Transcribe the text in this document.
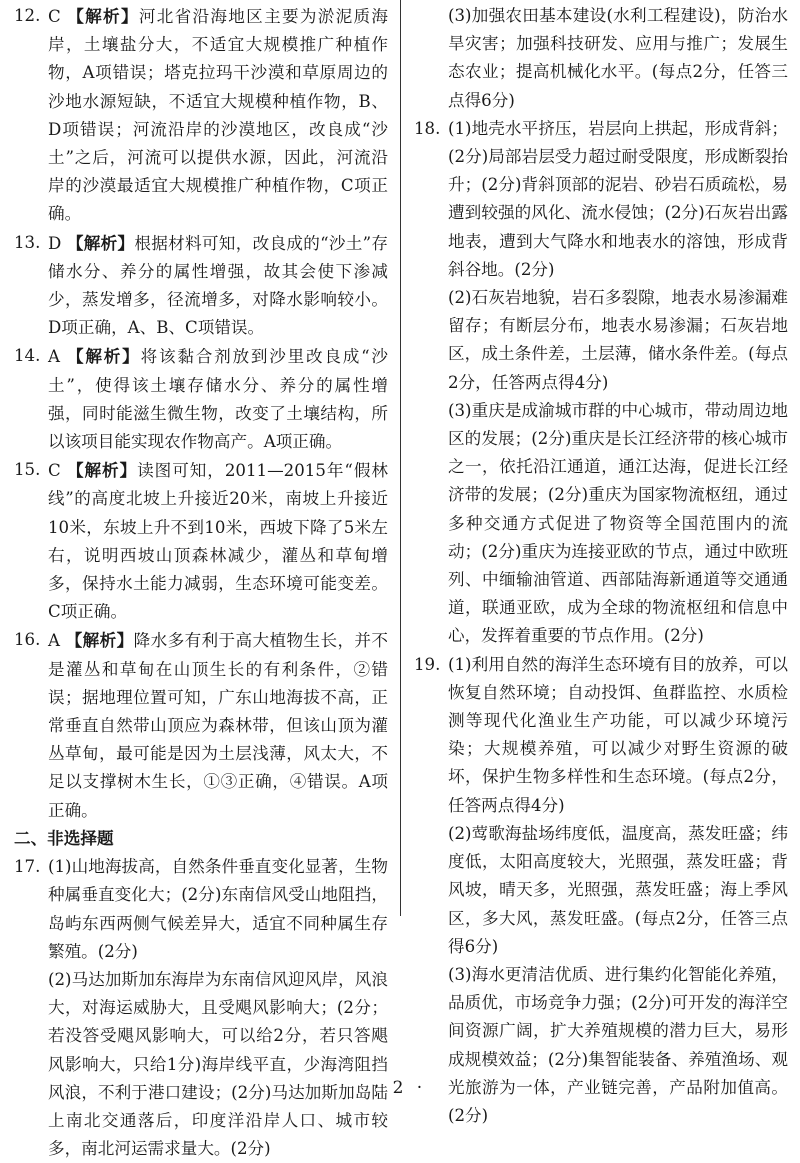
12. C 【解析】河北省沿海地区主要为淤泥质海岸，土壤盐分大，不适宜大规模推广种植作物，A项错误；塔克拉玛干沙漠和草原周边的沙地水源短缺，不适宜大规模种植作物，B、D项错误；河流沿岸的沙漠地区，改良成“沙土”之后，河流可以提供水源，因此，河流沿岸的沙漠最适宜大规模推广种植作物，C项正确。
13. D 【解析】根据材料可知，改良成的“沙土”存储水分、养分的属性增强，故其会使下渗减少，蒸发增多，径流增多，对降水影响较小。D项正确，A、B、C项错误。
14. A 【解析】将该黏合剂放到沙里改良成“沙土”，使得该土壤存储水分、养分的属性增强，同时能滋生微生物，改变了土壤结构，所以该项目能实现农作物高产。A项正确。
15. C 【解析】读图可知，2011—2015年“假林线”的高度北坡上升接近20米，南坡上升接近10米，东坡上升不到10米，西坡下降了5米左右，说明西坡山顶森林减少，灌丛和草甸增多，保持水土能力减弱，生态环境可能变差。C项正确。
16. A 【解析】降水多有利于高大植物生长，并不是灌丛和草甸在山顶生长的有利条件，②错误；据地理位置可知，广东山地海拔不高，正常垂直自然带山顶应为森林带，但该山顶为灌丛草甸，最可能是因为土层浅薄，风太大，不足以支撑树木生长，①③正确，④错误。A项正确。
二、非选择题
17. (1)山地海拔高，自然条件垂直变化显著，生物种属垂直变化大；(2分)东南信风受山地阻挡，岛屿东西两侧气候差异大，适宜不同种属生存繁殖。(2分)
(2)马达加斯加东海岸为东南信风迎风岸，风浪大，对海运威胁大，且受飓风影响大；(2分；若没答受飓风影响大，可以给2分，若只答飓风影响大，只给1分)海岸线平直，少海湾阻挡风浪，不利于港口建设；(2分)马达加斯加岛陆上南北交通落后，印度洋沿岸人口、城市较多，南北河运需求量大。(2分)
(3)加强农田基本建设(水利工程建设)，防治水旱灾害；加强科技研发、应用与推广；发展生态农业；提高机械化水平。(每点2分，任答三点得6分)
18. (1)地壳水平挤压，岩层向上拱起，形成背斜；(2分)局部岩层受力超过耐受限度，形成断裂抬升；(2分)背斜顶部的泥岩、砂岩石质疏松，易遭到较强的风化、流水侵蚀；(2分)石灰岩出露地表，遭到大气降水和地表水的溶蚀，形成背斜谷地。(2分)
(2)石灰岩地貌，岩石多裂隙，地表水易渗漏难留存；有断层分布，地表水易渗漏；石灰岩地区，成土条件差，土层薄，储水条件差。(每点2分，任答两点得4分)
(3)重庆是成渝城市群的中心城市，带动周边地区的发展；(2分)重庆是长江经济带的核心城市之一，依托沿江通道，通江达海，促进长江经济带的发展；(2分)重庆为国家物流枢纽，通过多种交通方式促进了物资等全国范围内的流动；(2分)重庆为连接亚欧的节点，通过中欧班列、中缅输油管道、西部陆海新通道等交通通道，联通亚欧，成为全球的物流枢纽和信息中心，发挥着重要的节点作用。(2分)
19. (1)利用自然的海洋生态环境有目的放养，可以恢复自然环境；自动投饵、鱼群监控、水质检测等现代化渔业生产功能，可以减少环境污染；大规模养殖，可以减少对野生资源的破坏，保护生物多样性和生态环境。(每点2分，任答两点得4分)
(2)莺歌海盐场纬度低，温度高，蒸发旺盛；纬度低，太阳高度较大，光照强，蒸发旺盛；背风坡，晴天多，光照强，蒸发旺盛；海上季风区，多大风，蒸发旺盛。(每点2分，任答三点得6分)
(3)海水更清洁优质、进行集约化智能化养殖，品质优，市场竞争力强；(2分)可开发的海洋空间资源广阔，扩大养殖规模的潜力巨大，易形成规模效益；(2分)集智能装备、养殖渔场、观光旅游为一体，产业链完善，产品附加值高。(2分)
· 2 ·
